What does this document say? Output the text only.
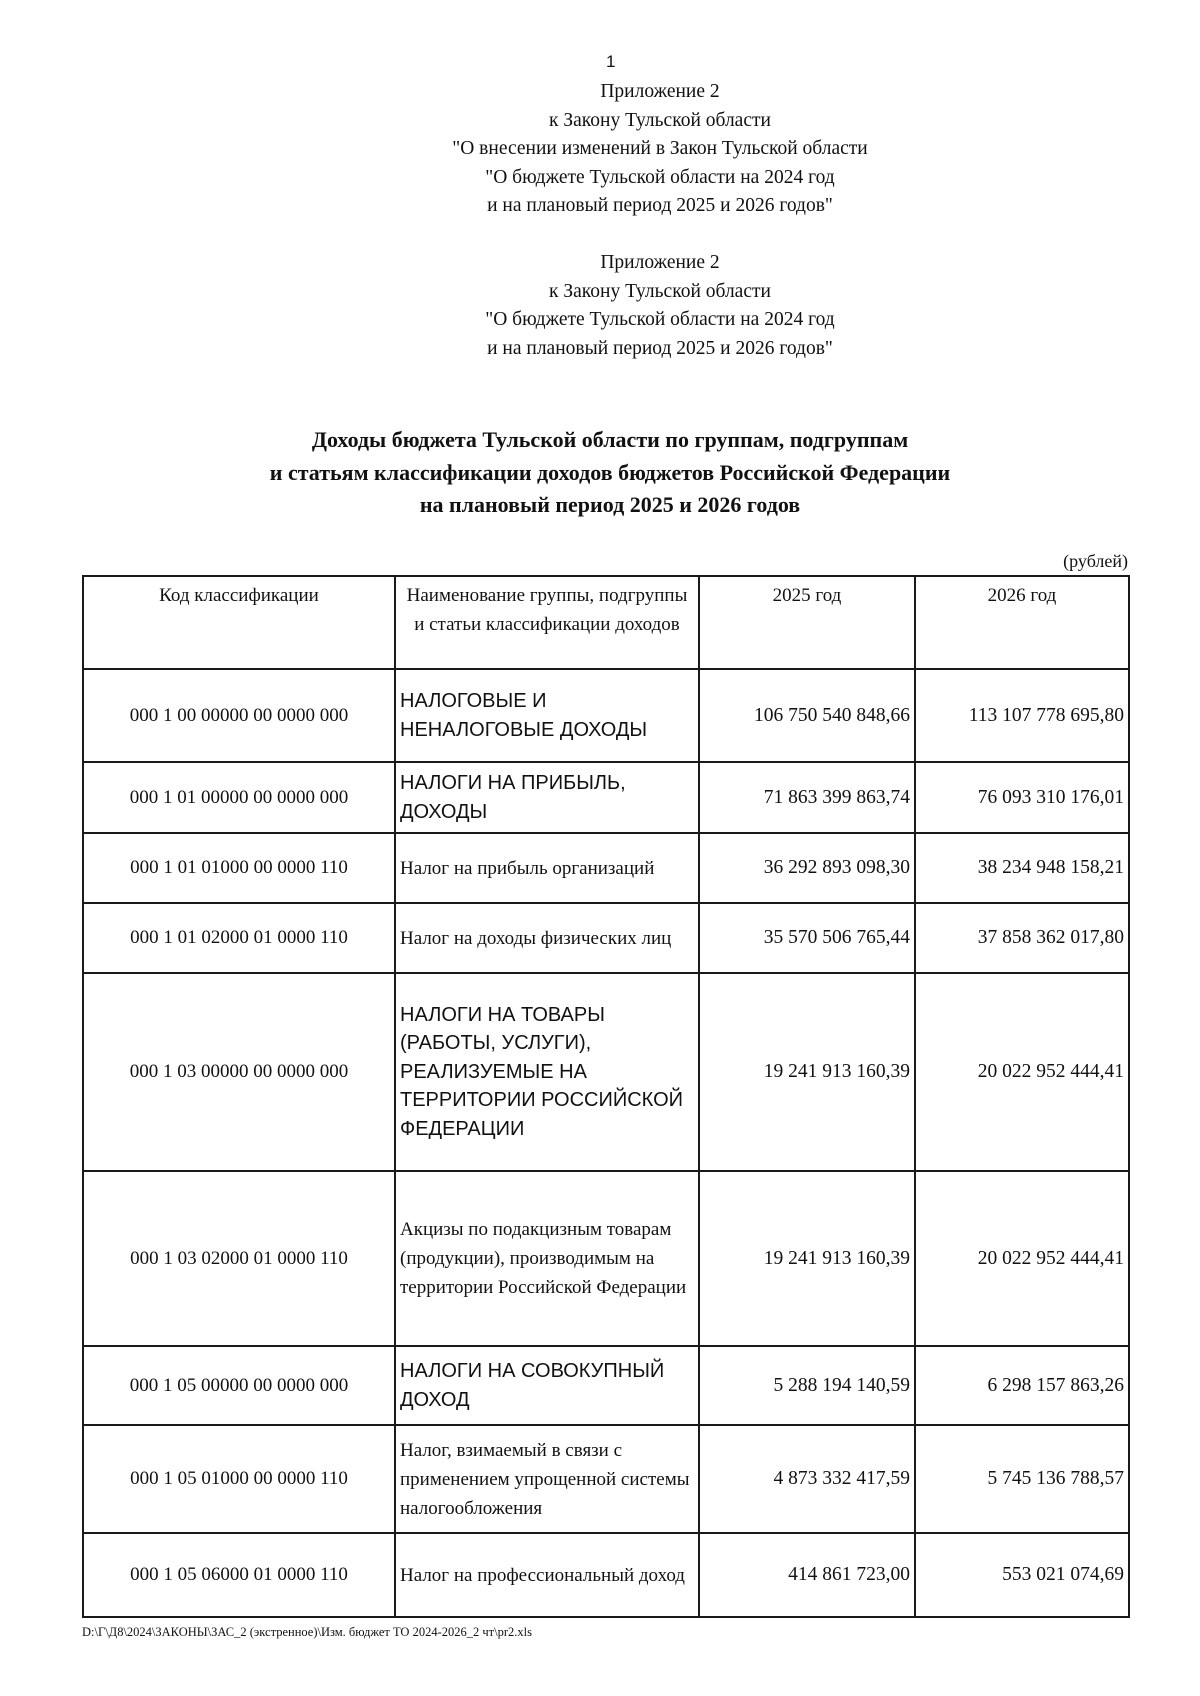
1
Приложение 2
к Закону Тульской области
"О внесении изменений в Закон Тульской области
"О бюджете Тульской области на 2024 год
и на плановый период 2025 и 2026 годов"
Приложение 2
к Закону Тульской области
"О бюджете Тульской области на 2024 год
и на плановый период 2025 и 2026 годов"
Доходы бюджета Тульской области по группам, подгруппам
и статьям классификации доходов бюджетов Российской Федерации
на плановый период 2025 и 2026 годов
(рублей)
Код классификации	Наименование группы, подгруппы и статьи классификации доходов	2025 год	2026 год
000 1 00 00000 00 0000 000	НАЛОГОВЫЕ И НЕНАЛОГОВЫЕ ДОХОДЫ	106 750 540 848,66	113 107 778 695,80
000 1 01 00000 00 0000 000	НАЛОГИ НА ПРИБЫЛЬ, ДОХОДЫ	71 863 399 863,74	76 093 310 176,01
000 1 01 01000 00 0000 110	Налог на прибыль организаций	36 292 893 098,30	38 234 948 158,21
000 1 01 02000 01 0000 110	Налог на доходы физических лиц	35 570 506 765,44	37 858 362 017,80
000 1 03 00000 00 0000 000	НАЛОГИ НА ТОВАРЫ (РАБОТЫ, УСЛУГИ), РЕАЛИЗУЕМЫЕ НА ТЕРРИТОРИИ РОССИЙСКОЙ ФЕДЕРАЦИИ	19 241 913 160,39	20 022 952 444,41
000 1 03 02000 01 0000 110	Акцизы по подакцизным товарам (продукции), производимым на территории Российской Федерации	19 241 913 160,39	20 022 952 444,41
000 1 05 00000 00 0000 000	НАЛОГИ НА СОВОКУПНЫЙ ДОХОД	5 288 194 140,59	6 298 157 863,26
000 1 05 01000 00 0000 110	Налог, взимаемый в связи с применением упрощенной системы налогообложения	4 873 332 417,59	5 745 136 788,57
000 1 05 06000 01 0000 110	Налог на профессиональный доход	414 861 723,00	553 021 074,69
D:\Г\Д8\2024\ЗАКОНЫ\ЗАС_2 (экстренное)\Изм. бюджет ТО 2024-2026_2 чт\pr2.xls
